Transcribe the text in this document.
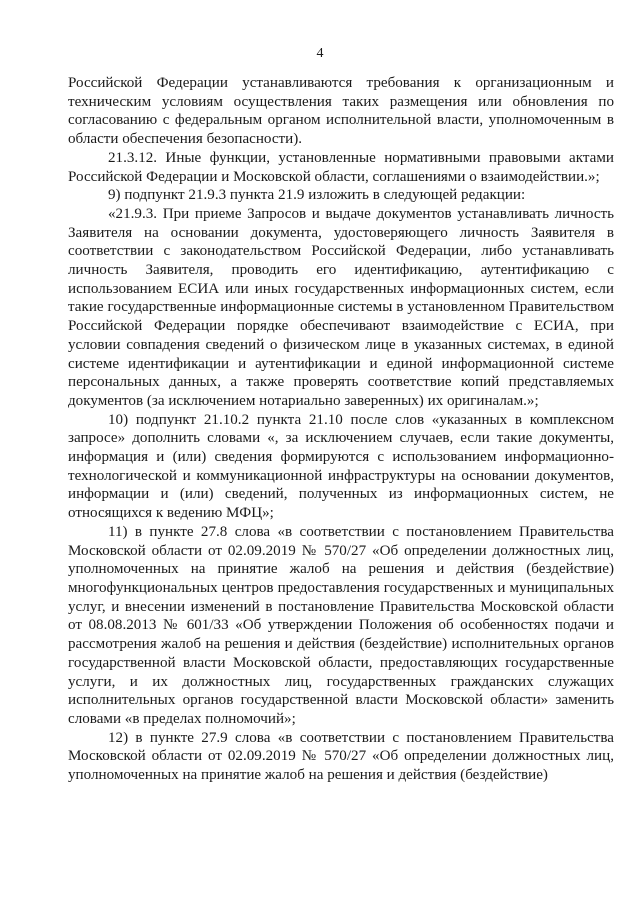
4

Российской Федерации устанавливаются требования к организационным и техническим условиям осуществления таких размещения или обновления по согласованию с федеральным органом исполнительной власти, уполномоченным в области обеспечения безопасности).

21.3.12. Иные функции, установленные нормативными правовыми актами Российской Федерации и Московской области, соглашениями о взаимодействии.»;

9) подпункт 21.9.3 пункта 21.9 изложить в следующей редакции:

«21.9.3. При приеме Запросов и выдаче документов устанавливать личность Заявителя на основании документа, удостоверяющего личность Заявителя в соответствии с законодательством Российской Федерации, либо устанавливать личность Заявителя, проводить его идентификацию, аутентификацию с использованием ЕСИА или иных государственных информационных систем, если такие государственные информационные системы в установленном Правительством Российской Федерации порядке обеспечивают взаимодействие с ЕСИА, при условии совпадения сведений о физическом лице в указанных системах, в единой системе идентификации и аутентификации и единой информационной системе персональных данных, а также проверять соответствие копий представляемых документов (за исключением нотариально заверенных) их оригиналам.»;

10) подпункт 21.10.2 пункта 21.10 после слов «указанных в комплексном запросе» дополнить словами «, за исключением случаев, если такие документы, информация и (или) сведения формируются с использованием информационно-технологической и коммуникационной инфраструктуры на основании документов, информации и (или) сведений, полученных из информационных систем, не относящихся к ведению МФЦ»;

11) в пункте 27.8 слова «в соответствии с постановлением Правительства Московской области от 02.09.2019 № 570/27 «Об определении должностных лиц, уполномоченных на принятие жалоб на решения и действия (бездействие) многофункциональных центров предоставления государственных и муниципальных услуг, и внесении изменений в постановление Правительства Московской области от 08.08.2013 № 601/33 «Об утверждении Положения об особенностях подачи и рассмотрения жалоб на решения и действия (бездействие) исполнительных органов государственной власти Московской области, предоставляющих государственные услуги, и их должностных лиц, государственных гражданских служащих исполнительных органов государственной власти Московской области» заменить словами «в пределах полномочий»;

12) в пункте 27.9 слова «в соответствии с постановлением Правительства Московской области от 02.09.2019 № 570/27 «Об определении должностных лиц, уполномоченных на принятие жалоб на решения и действия (бездействие)
